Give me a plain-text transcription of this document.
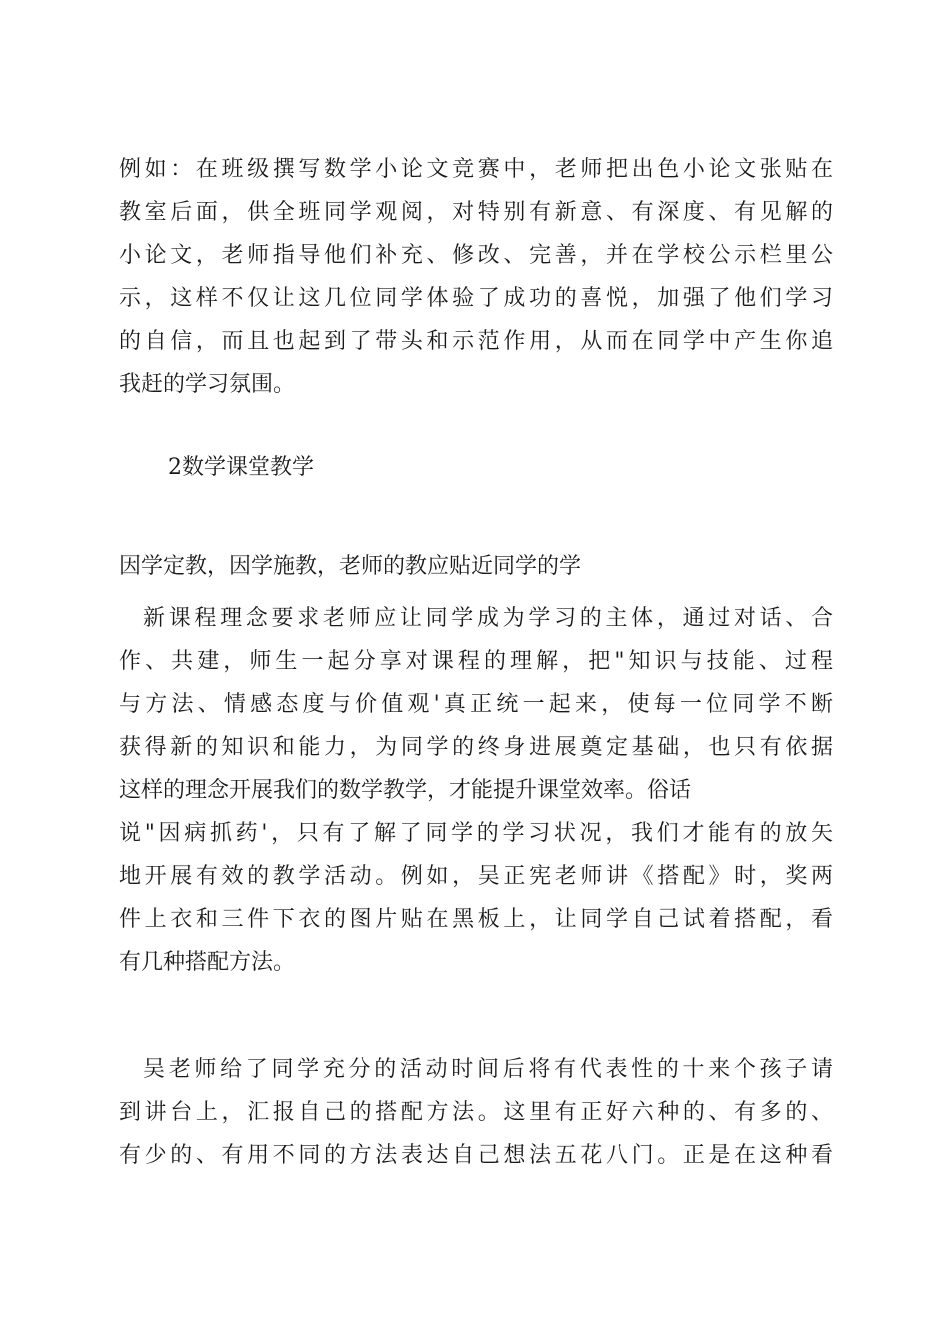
例如：在班级撰写数学小论文竞赛中，老师把出色小论文张贴在
教室后面，供全班同学观阅，对特别有新意、有深度、有见解的
小论文，老师指导他们补充、修改、完善，并在学校公示栏里公
示，这样不仅让这几位同学体验了成功的喜悦，加强了他们学习
的自信，而且也起到了带头和示范作用，从而在同学中产生你追
我赶的学习氛围。
2数学课堂教学
因学定教，因学施教，老师的教应贴近同学的学
新课程理念要求老师应让同学成为学习的主体，通过对话、合
作、共建，师生一起分享对课程的理解，把"知识与技能、过程
与方法、情感态度与价值观'真正统一起来，使每一位同学不断
获得新的知识和能力，为同学的终身进展奠定基础，也只有依据
这样的理念开展我们的数学教学，才能提升课堂效率。俗话
说"因病抓药'，只有了解了同学的学习状况，我们才能有的放矢
地开展有效的教学活动。例如，吴正宪老师讲《搭配》时，奖两
件上衣和三件下衣的图片贴在黑板上，让同学自己试着搭配，看
有几种搭配方法。
吴老师给了同学充分的活动时间后将有代表性的十来个孩子请
到讲台上，汇报自己的搭配方法。这里有正好六种的、有多的、
有少的、有用不同的方法表达自己想法五花八门。正是在这种看
